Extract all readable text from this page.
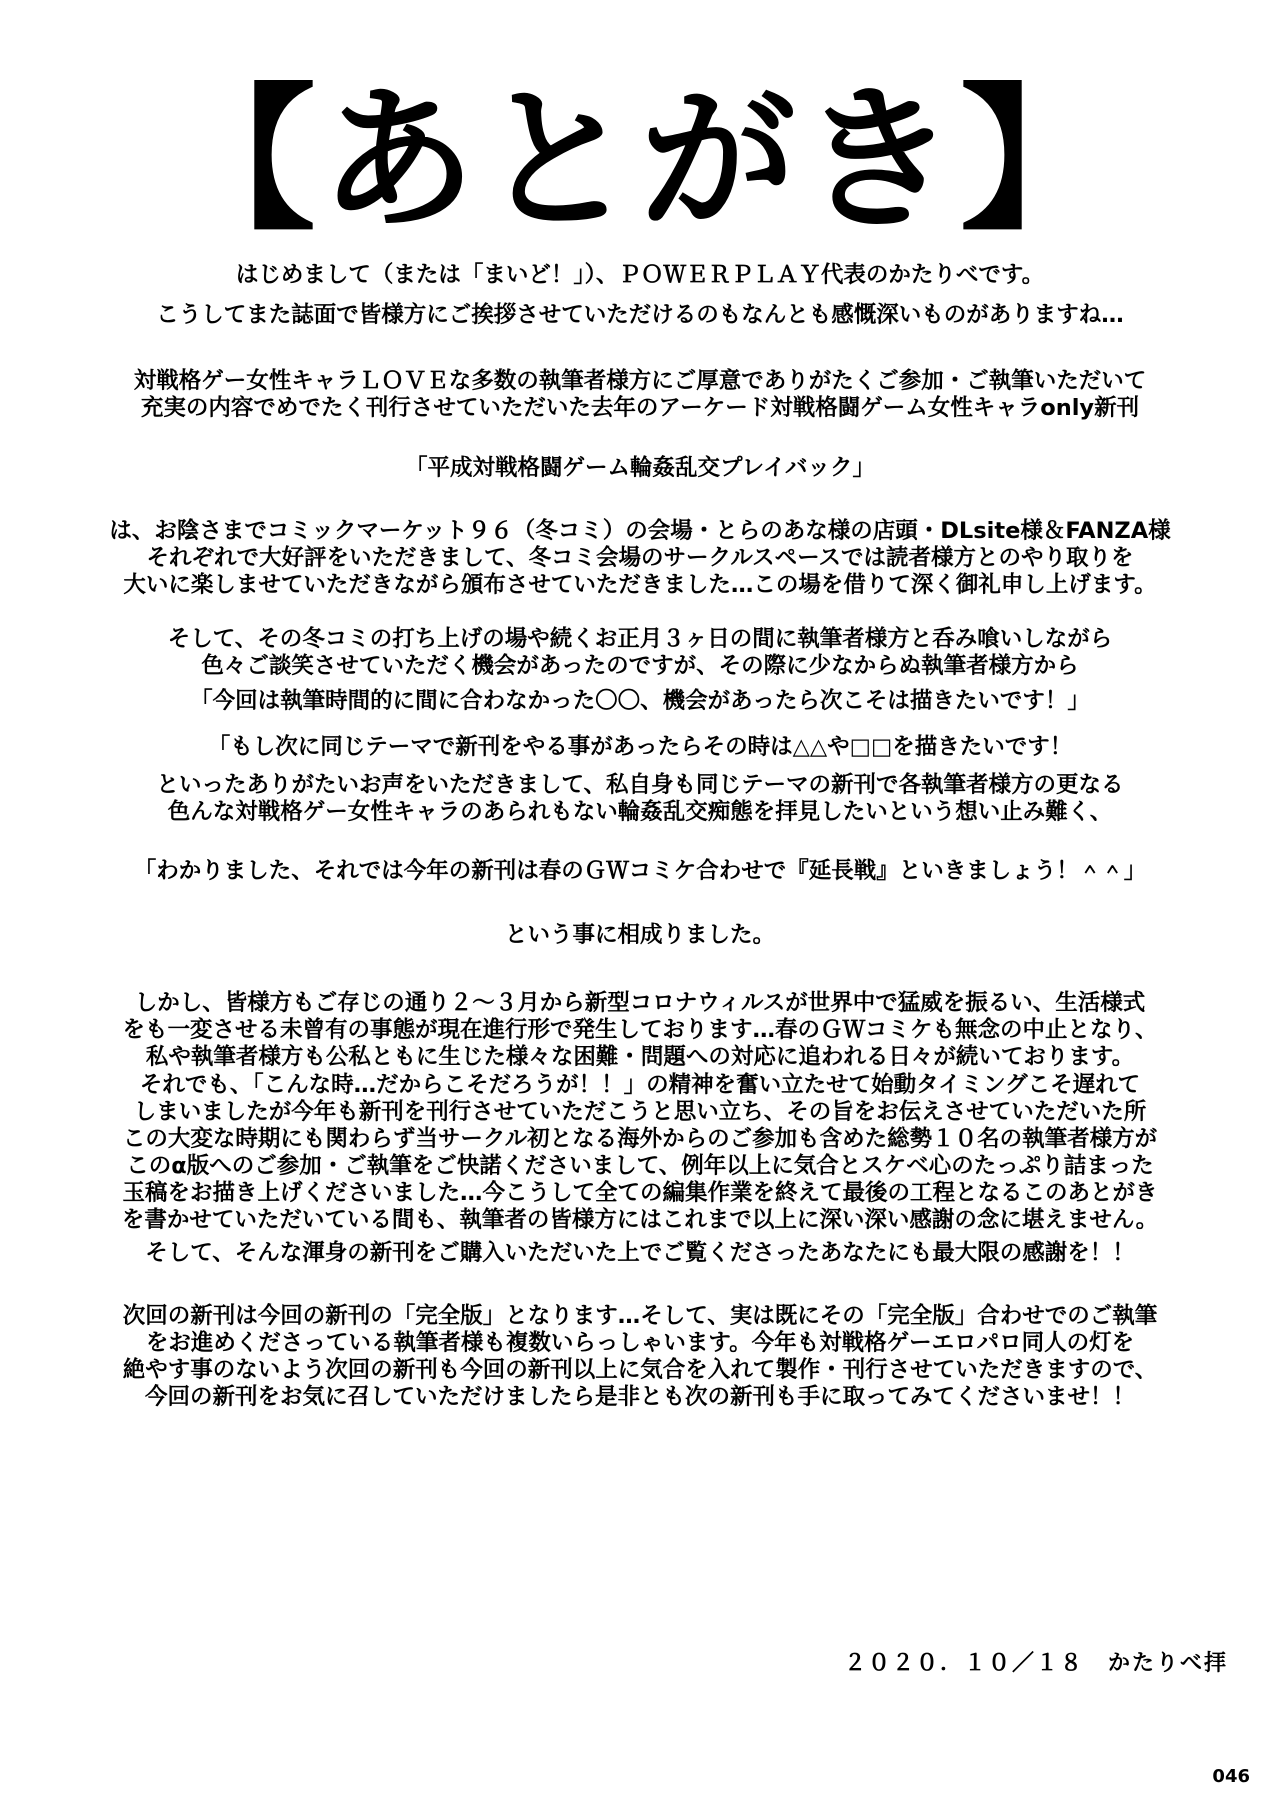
【あとがき】
はじめまして（または「まいど！」）、ＰＯＷＥＲＰＬＡＹ代表のかたりべです。
こうしてまた誌面で皆様方にご挨拶させていただけるのもなんとも感慨深いものがありますね…
対戦格ゲー女性キャラＬＯＶＥな多数の執筆者様方にご厚意でありがたくご参加・ご執筆いただいて
充実の内容でめでたく刊行させていただいた去年のアーケード対戦格闘ゲーム女性キャラonly新刊
「平成対戦格闘ゲーム輪姦乱交プレイバック」
は、お陰さまでコミックマーケット９６（冬コミ）の会場・とらのあな様の店頭・DLsite様＆FANZA様
それぞれで大好評をいただきまして、冬コミ会場のサークルスペースでは読者様方とのやり取りを
大いに楽しませていただきながら頒布させていただきました…この場を借りて深く御礼申し上げます。
そして、その冬コミの打ち上げの場や続くお正月３ヶ日の間に執筆者様方と呑み喰いしながら
色々ご談笑させていただく機会があったのですが、その際に少なからぬ執筆者様方から
「今回は執筆時間的に間に合わなかった〇〇、機会があったら次こそは描きたいです！」
「もし次に同じテーマで新刊をやる事があったらその時は△△や□□を描きたいです！
といったありがたいお声をいただきまして、私自身も同じテーマの新刊で各執筆者様方の更なる
色んな対戦格ゲー女性キャラのあられもない輪姦乱交痴態を拝見したいという想い止み難く、
「わかりました、それでは今年の新刊は春のＧＷコミケ合わせで『延長戦』といきましょう！＾＾」
という事に相成りました。
しかし、皆様方もご存じの通り２～３月から新型コロナウィルスが世界中で猛威を振るい、生活様式
をも一変させる未曾有の事態が現在進行形で発生しております…春のＧＷコミケも無念の中止となり、
私や執筆者様方も公私ともに生じた様々な困難・問題への対応に追われる日々が続いております。
それでも、「こんな時…だからこそだろうが！！」の精神を奮い立たせて始動タイミングこそ遅れて
しまいましたが今年も新刊を刊行させていただこうと思い立ち、その旨をお伝えさせていただいた所
この大変な時期にも関わらず当サークル初となる海外からのご参加も含めた総勢１０名の執筆者様方が
このα版へのご参加・ご執筆をご快諾くださいまして、例年以上に気合とスケベ心のたっぷり詰まった
玉稿をお描き上げくださいました…今こうして全ての編集作業を終えて最後の工程となるこのあとがき
を書かせていただいている間も、執筆者の皆様方にはこれまで以上に深い深い感謝の念に堪えません。
そして、そんな渾身の新刊をご購入いただいた上でご覧くださったあなたにも最大限の感謝を！！
次回の新刊は今回の新刊の「完全版」となります…そして、実は既にその「完全版」合わせでのご執筆
をお進めくださっている執筆者様も複数いらっしゃいます。今年も対戦格ゲーエロパロ同人の灯を
絶やす事のないよう次回の新刊も今回の新刊以上に気合を入れて製作・刊行させていただきますので、
今回の新刊をお気に召していただけましたら是非とも次の新刊も手に取ってみてくださいませ！！
２０２０．１０／１８　かたりべ拝
046
